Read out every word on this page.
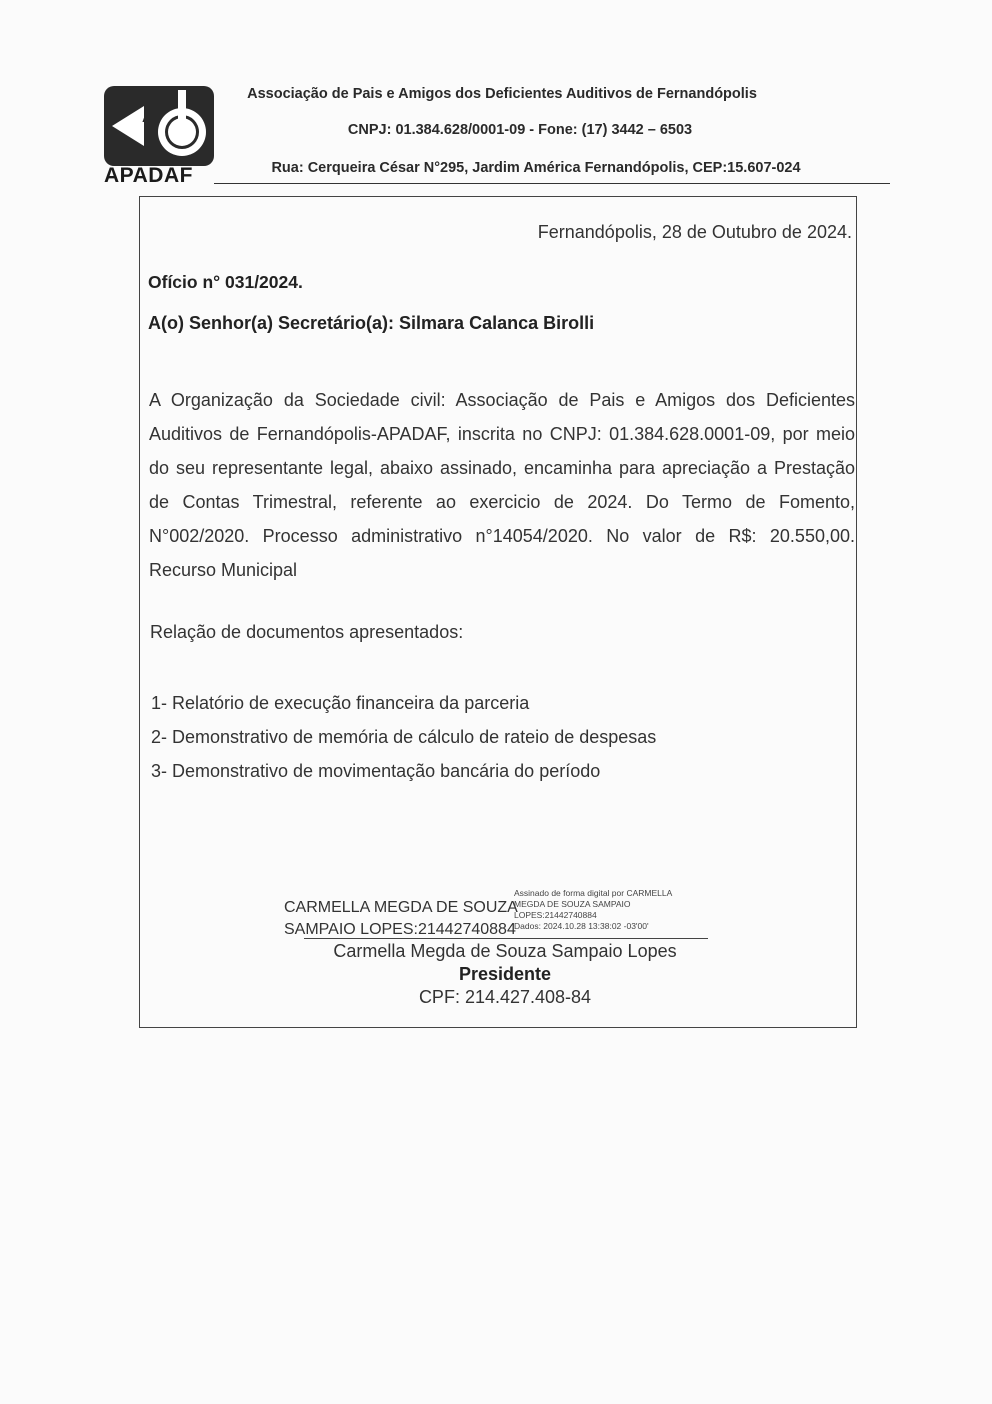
A
APADAF
Associação de Pais e Amigos dos Deficientes Auditivos de Fernandópolis
CNPJ: 01.384.628/0001-09 - Fone: (17) 3442 – 6503
Rua: Cerqueira César N°295, Jardim América Fernandópolis, CEP:15.607-024
Fernandópolis, 28 de Outubro de 2024.
Ofício n° 031/2024.
A(o) Senhor(a) Secretário(a): Silmara Calanca Birolli
A Organização da Sociedade civil: Associação de Pais e Amigos dos Deficientes Auditivos de Fernandópolis-APADAF, inscrita no CNPJ: 01.384.628.0001-09, por meio do seu representante legal, abaixo assinado, encaminha para apreciação a Prestação de Contas Trimestral, referente ao exercicio de 2024. Do Termo de Fomento, N°002/2020. Processo administrativo n°14054/2020. No valor de R$: 20.550,00. Recurso Municipal
Relação de documentos apresentados:
1- Relatório de execução financeira da parceria
2- Demonstrativo de memória de cálculo de rateio de despesas
3- Demonstrativo de movimentação bancária do período
CARMELLA MEGDA DE SOUZA
SAMPAIO LOPES:21442740884
Assinado de forma digital por CARMELLA
MEGDA DE SOUZA SAMPAIO
LOPES:21442740884
Dados: 2024.10.28 13:38:02 -03'00'
Carmella Megda de Souza Sampaio Lopes
Presidente
CPF: 214.427.408-84
